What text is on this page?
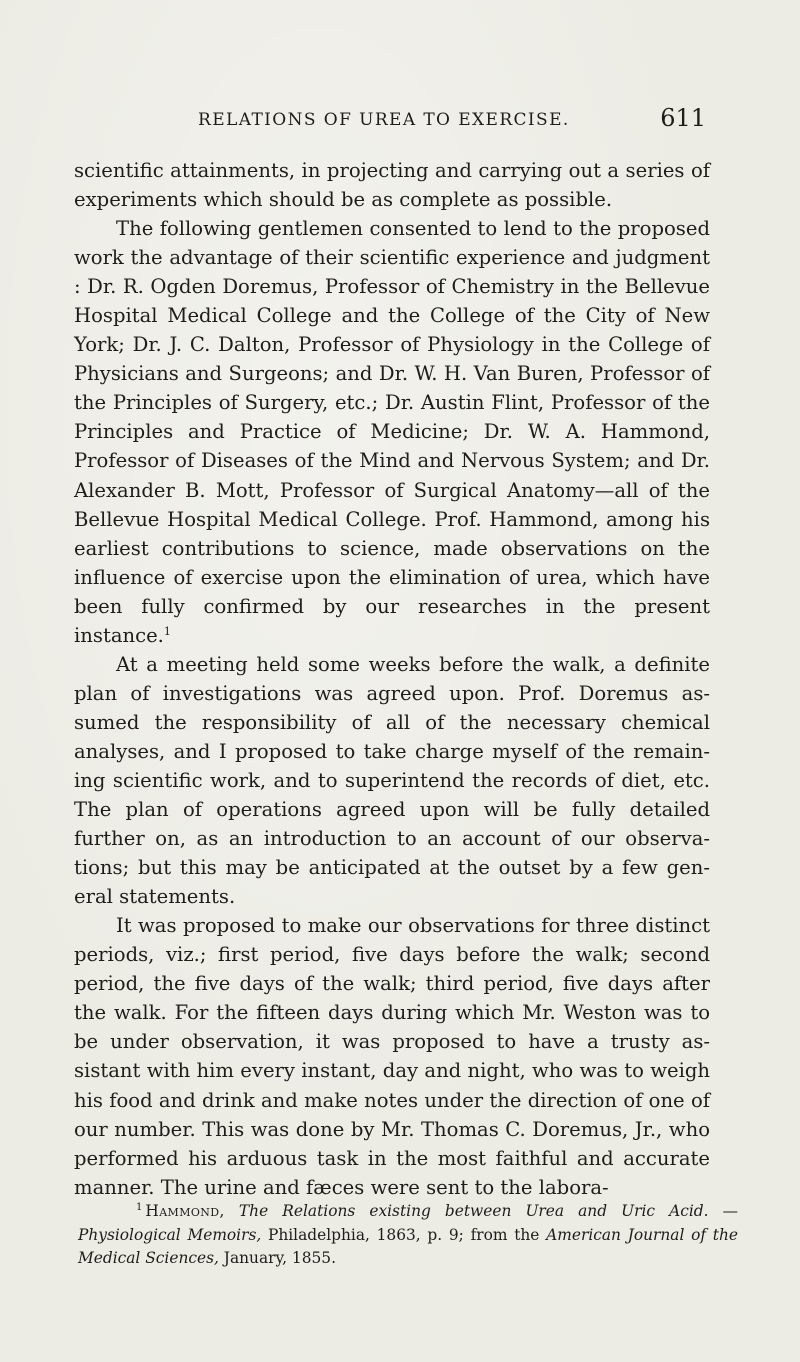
RELATIONS OF UREA TO EXERCISE.	611

scientific attainments, in projecting and carrying out a series of experiments which should be as complete as possible.

The following gentlemen consented to lend to the proposed work the advantage of their scientific experience and judgment : Dr. R. Ogden Doremus, Professor of Chemistry in the Bellevue Hospital Medical College and the College of the City of New York; Dr. J. C. Dalton, Professor of Physiology in the College of Physicians and Surgeons; and Dr. W. H. Van Buren, Professor of the Principles of Surgery, etc.; Dr. Austin Flint, Professor of the Principles and Practice of Medicine; Dr. W. A. Hammond, Professor of Diseases of the Mind and Nervous System; and Dr. Alexander B. Mott, Professor of Surgical Anatomy—all of the Bellevue Hospital Medical College. Prof. Hammond, among his earliest contributions to science, made observations on the influence of exercise upon the elimination of urea, which have been fully confirmed by our researches in the present instance.$^1$

At a meeting held some weeks before the walk, a definite plan of investigations was agreed upon. Prof. Doremus assumed the responsibility of all of the necessary chemical analyses, and I proposed to take charge myself of the remaining scientific work, and to superintend the records of diet, etc. The plan of operations agreed upon will be fully detailed further on, as an introduction to an account of our observations; but this may be anticipated at the outset by a few general statements.

It was proposed to make our observations for three distinct periods, viz.; first period, five days before the walk; second period, the five days of the walk; third period, five days after the walk. For the fifteen days during which Mr. Weston was to be under observation, it was proposed to have a trusty assistant with him every instant, day and night, who was to weigh his food and drink and make notes under the direction of one of our number. This was done by Mr. Thomas C. Doremus, Jr., who performed his arduous task in the most faithful and accurate manner. The urine and fæces were sent to the labora-

$^1$ Hammond, The Relations existing between Urea and Uric Acid. —Physiological Memoirs, Philadelphia, 1863, p. 9; from the American Journal of the Medical Sciences, January, 1855.
